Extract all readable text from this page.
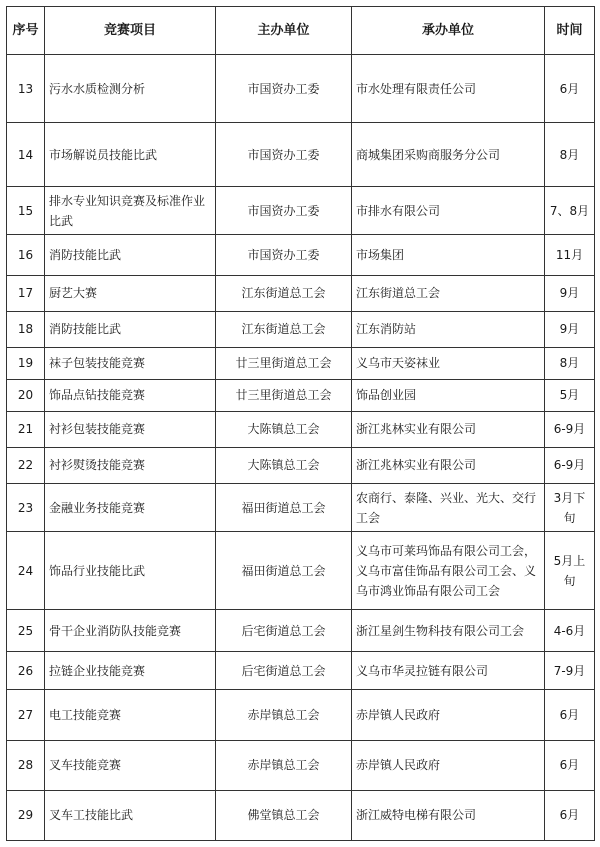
序号	竞赛项目	主办单位	承办单位	时间
13	污水水质检测分析	市国资办工委	市水处理有限责任公司	6月
14	市场解说员技能比武	市国资办工委	商城集团采购商服务分公司	8月
15	排水专业知识竞赛及标准作业比武	市国资办工委	市排水有限公司	7、8月
16	消防技能比武	市国资办工委	市场集团	11月
17	厨艺大赛	江东街道总工会	江东街道总工会	9月
18	消防技能比武	江东街道总工会	江东消防站	9月
19	袜子包装技能竞赛	廿三里街道总工会	义乌市天姿袜业	8月
20	饰品点钻技能竞赛	廿三里街道总工会	饰品创业园	5月
21	衬衫包装技能竞赛	大陈镇总工会	浙江兆林实业有限公司	6-9月
22	衬衫熨烫技能竞赛	大陈镇总工会	浙江兆林实业有限公司	6-9月
23	金融业务技能竞赛	福田街道总工会	农商行、泰隆、兴业、光大、交行工会	3月下旬
24	饰品行业技能比武	福田街道总工会	义乌市可莱玛饰品有限公司工会，义乌市富佳饰品有限公司工会、义乌市鸿业饰品有限公司工会	5月上旬
25	骨干企业消防队技能竞赛	后宅街道总工会	浙江星剑生物科技有限公司工会	4-6月
26	拉链企业技能竞赛	后宅街道总工会	义乌市华灵拉链有限公司	7-9月
27	电工技能竞赛	赤岸镇总工会	赤岸镇人民政府	6月
28	叉车技能竞赛	赤岸镇总工会	赤岸镇人民政府	6月
29	叉车工技能比武	佛堂镇总工会	浙江威特电梯有限公司	6月
